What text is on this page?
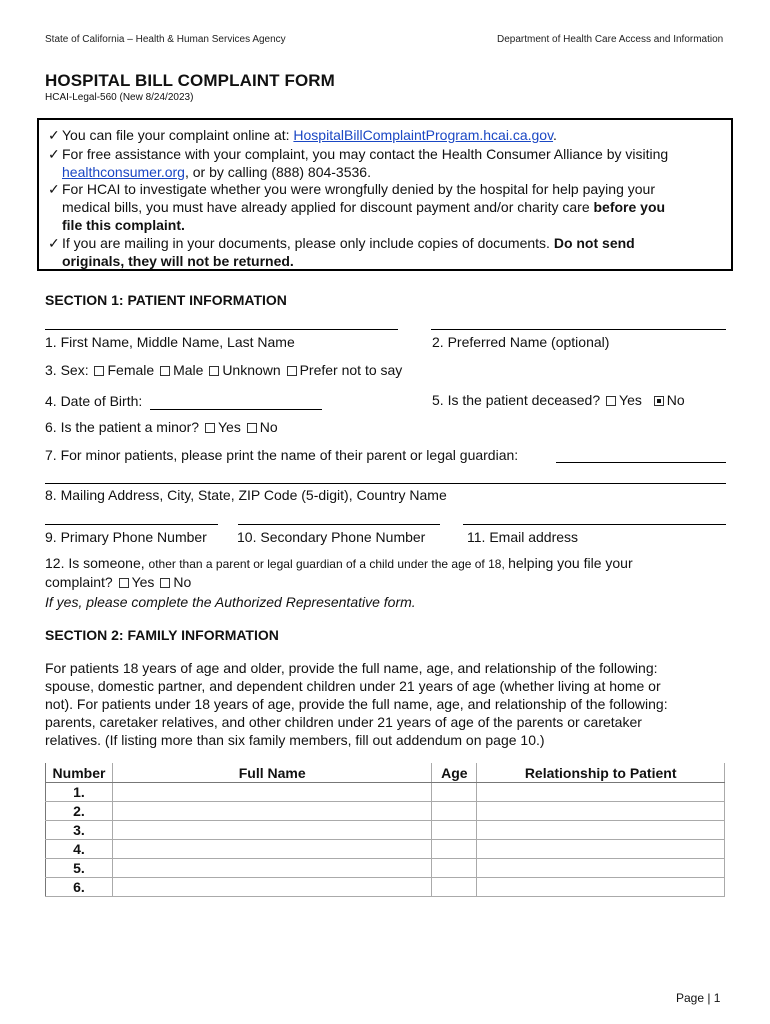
State of California – Health & Human Services Agency	Department of Health Care Access and Information
HOSPITAL BILL COMPLAINT FORM
HCAI-Legal-560 (New 8/24/2023)
✓ You can file your complaint online at: HospitalBillComplaintProgram.hcai.ca.gov.
✓ For free assistance with your complaint, you may contact the Health Consumer Alliance by visiting
healthconsumer.org, or by calling (888) 804-3536.
✓ For HCAI to investigate whether you were wrongfully denied by the hospital for help paying your
medical bills, you must have already applied for discount payment and/or charity care before you
file this complaint.
✓ If you are mailing in your documents, please only include copies of documents. Do not send
originals, they will not be returned.
SECTION 1: PATIENT INFORMATION
1. First Name, Middle Name, Last Name	2. Preferred Name (optional)
3. Sex: Female Male Unknown Prefer not to say
4. Date of Birth:	5. Is the patient deceased? Yes No
6. Is the patient a minor? Yes No
7. For minor patients, please print the name of their parent or legal guardian:
8. Mailing Address, City, State, ZIP Code (5-digit), Country Name
9. Primary Phone Number 10. Secondary Phone Number	11. Email address
12. Is someone, other than a parent or legal guardian of a child under the age of 18, helping you file your
complaint? Yes No
If yes, please complete the Authorized Representative form.
SECTION 2: FAMILY INFORMATION
For patients 18 years of age and older, provide the full name, age, and relationship of the following:
spouse, domestic partner, and dependent children under 21 years of age (whether living at home or
not). For patients under 18 years of age, provide the full name, age, and relationship of the following:
parents, caretaker relatives, and other children under 21 years of age of the parents or caretaker
relatives. (If listing more than six family members, fill out addendum on page 10.)
Number	Full Name	Age	Relationship to Patient
1.			
2.			
3.			
4.			
5.			
6.			
Page | 1
